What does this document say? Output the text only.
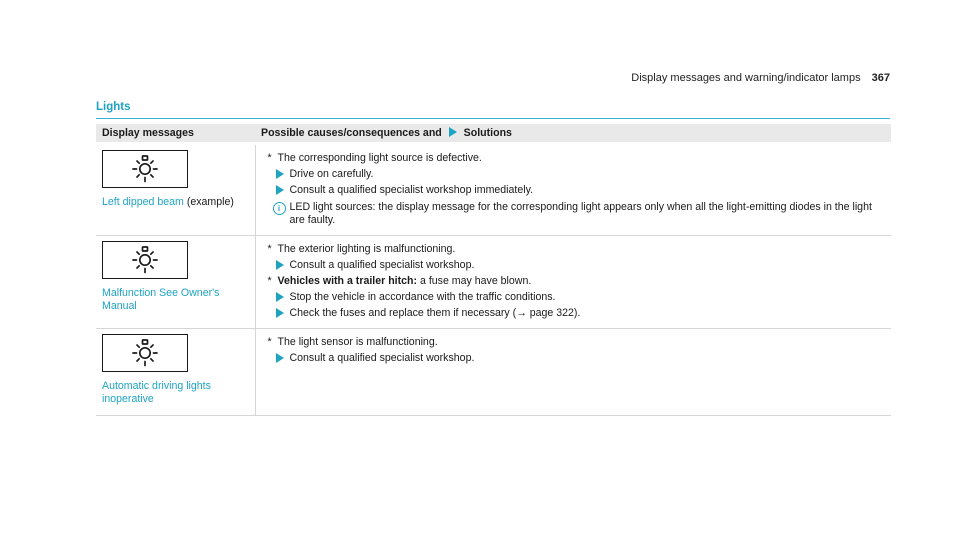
Display messages and warning/indicator lamps 367
Lights
Display messages	Possible causes/consequences and Solutions

Left dipped beam (example)	* The corresponding light source is defective.
Drive on carefully.
Consult a qualified specialist workshop immediately.
i LED light sources: the display message for the corresponding light appears only when all the light-emitting diodes in the light are faulty.

Malfunction See Owner's Manual	* The exterior lighting is malfunctioning.
Consult a qualified specialist workshop.
* Vehicles with a trailer hitch: a fuse may have blown.
Stop the vehicle in accordance with the traffic conditions.
Check the fuses and replace them if necessary (→ page 322).

Automatic driving lights inoperative	* The light sensor is malfunctioning.
Consult a qualified specialist workshop.
